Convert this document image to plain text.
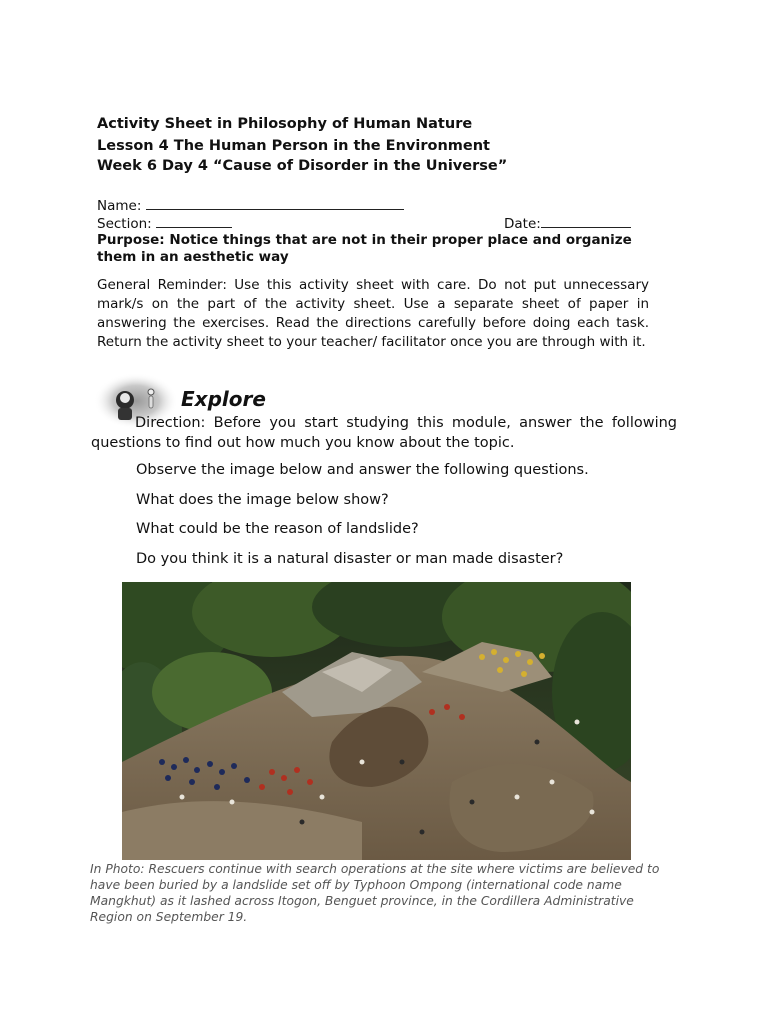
Activity Sheet in Philosophy of Human Nature

Lesson 4 The Human Person in the Environment

Week 6 Day 4 “Cause of Disorder in the Universe”

Name:
Section:	Date:

Purpose: Notice things that are not in their proper place and organize them in an aesthetic way

General Reminder: Use this activity sheet with care. Do not put unnecessary mark/s on the part of the activity sheet. Use a separate sheet of paper in answering the exercises. Read the directions carefully before doing each task. Return the activity sheet to your teacher/ facilitator once you are through with it.

Explore

Direction: Before you start studying this module, answer the following questions to find out how much you know about the topic.

Observe the image below and answer the following questions.

What does the image below show?

What could be the reason of landslide?

Do you think it is a natural disaster or man made disaster?

In Photo: Rescuers continue with search operations at the site where victims are believed to have been buried by a landslide set off by Typhoon Ompong (international code name Mangkhut) as it lashed across Itogon, Benguet province, in the Cordillera Administrative Region on September 19.
